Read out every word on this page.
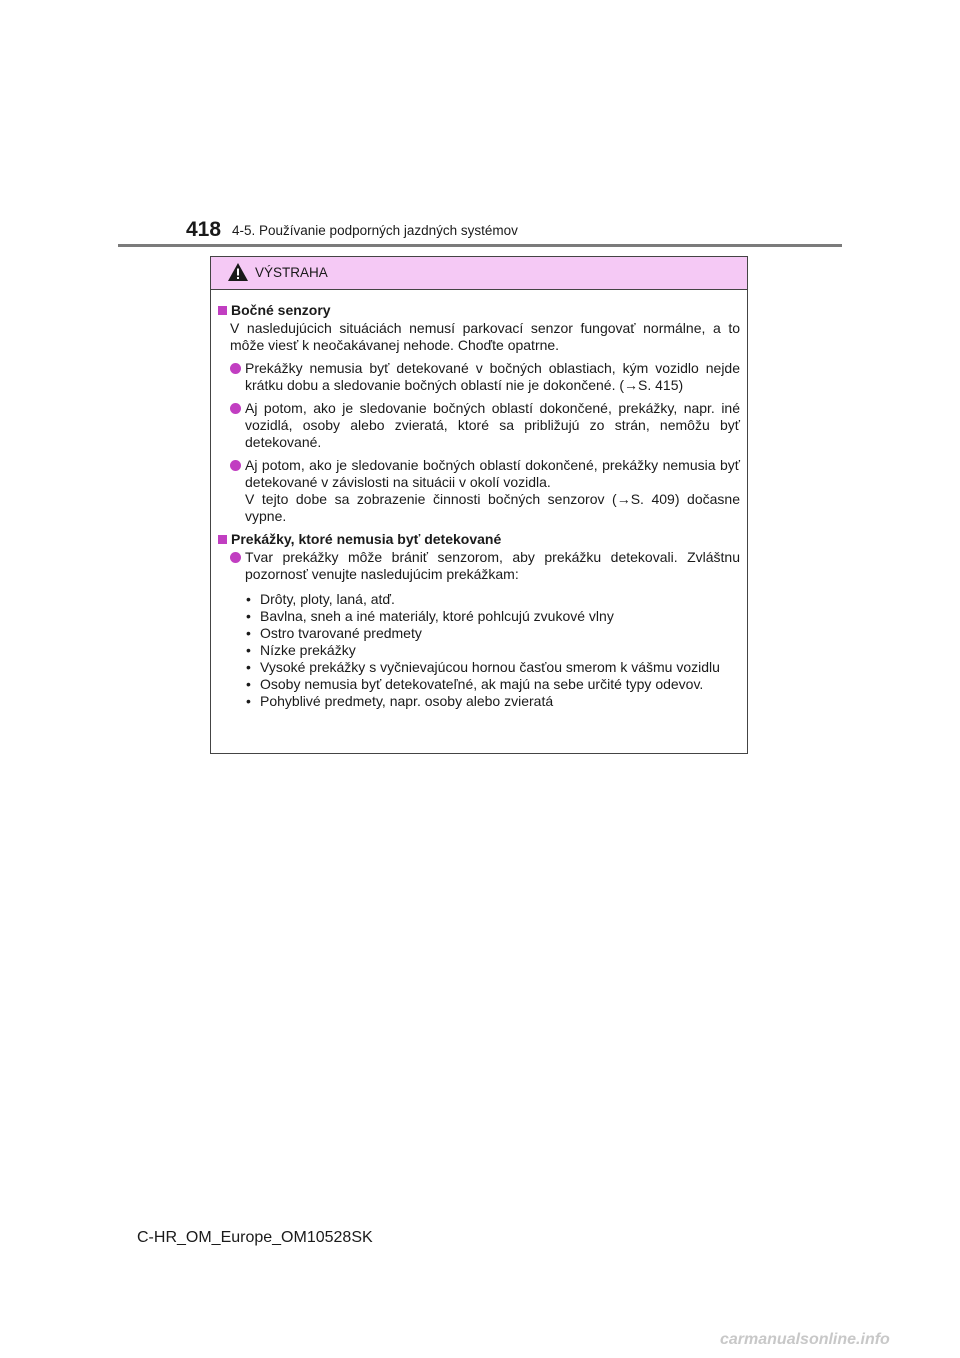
418 4-5. Používanie podporných jazdných systémov
VÝSTRAHA
Bočné senzory
V nasledujúcich situáciách nemusí parkovací senzor fungovať normálne, a to môže viesť k neočakávanej nehode. Choďte opatrne.
Prekážky nemusia byť detekované v bočných oblastiach, kým vozidlo nejde krátku dobu a sledovanie bočných oblastí nie je dokončené. (→S. 415)
Aj potom, ako je sledovanie bočných oblastí dokončené, prekážky, napr. iné vozidlá, osoby alebo zvieratá, ktoré sa približujú zo strán, nemôžu byť detekované.
Aj potom, ako je sledovanie bočných oblastí dokončené, prekážky nemusia byť detekované v závislosti na situácii v okolí vozidla.
V tejto dobe sa zobrazenie činnosti bočných senzorov (→S. 409) dočasne vypne.
Prekážky, ktoré nemusia byť detekované
Tvar prekážky môže brániť senzorom, aby prekážku detekovali. Zvláštnu pozornosť venujte nasledujúcim prekážkam:
• Drôty, ploty, laná, atď.
• Bavlna, sneh a iné materiály, ktoré pohlcujú zvukové vlny
• Ostro tvarované predmety
• Nízke prekážky
• Vysoké prekážky s vyčnievajúcou hornou časťou smerom k vášmu vozidlu
• Osoby nemusia byť detekovateľné, ak majú na sebe určité typy odevov.
• Pohyblivé predmety, napr. osoby alebo zvieratá
C-HR_OM_Europe_OM10528SK
carmanualsonline.info
